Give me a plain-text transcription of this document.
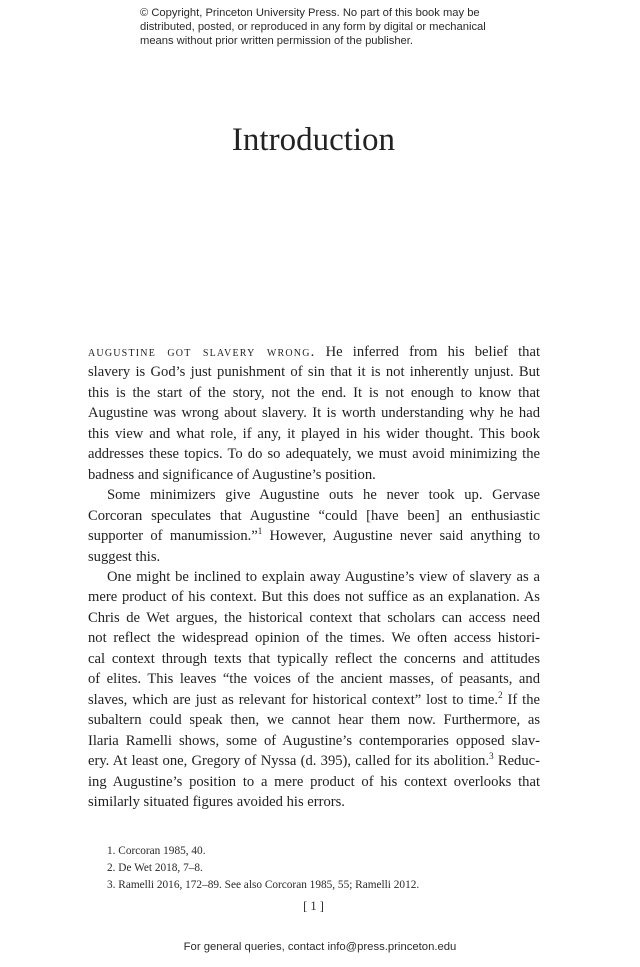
© Copyright, Princeton University Press. No part of this book may be
distributed, posted, or reproduced in any form by digital or mechanical
means without prior written permission of the publisher.
Introduction
augustine got slavery wrong. He inferred from his belief that
slavery is God’s just punishment of sin that it is not inherently unjust. But
this is the start of the story, not the end. It is not enough to know that
Augustine was wrong about slavery. It is worth understanding why he had
this view and what role, if any, it played in his wider thought. This book
addresses these topics. To do so adequately, we must avoid minimizing the
badness and significance of Augustine’s position.
Some minimizers give Augustine outs he never took up. Gervase
Corcoran speculates that Augustine “could [have been] an enthusiastic
supporter of manumission.”$^1$ However, Augustine never said anything to
suggest this.
One might be inclined to explain away Augustine’s view of slavery as a
mere product of his context. But this does not suffice as an explanation. As
Chris de Wet argues, the historical context that scholars can access need
not reflect the widespread opinion of the times. We often access histori-
cal context through texts that typically reflect the concerns and attitudes
of elites. This leaves “the voices of the ancient masses, of peasants, and
slaves, which are just as relevant for historical context” lost to time.$^2$ If the
subaltern could speak then, we cannot hear them now. Furthermore, as
Ilaria Ramelli shows, some of Augustine’s contemporaries opposed slav-
ery. At least one, Gregory of Nyssa (d. 395), called for its abolition.$^3$ Reduc-
ing Augustine’s position to a mere product of his context overlooks that
similarly situated figures avoided his errors.
1. Corcoran 1985, 40.
2. De Wet 2018, 7–8.
3. Ramelli 2016, 172–89. See also Corcoran 1985, 55; Ramelli 2012.
[ 1 ]
For general queries, contact info@press.princeton.edu
